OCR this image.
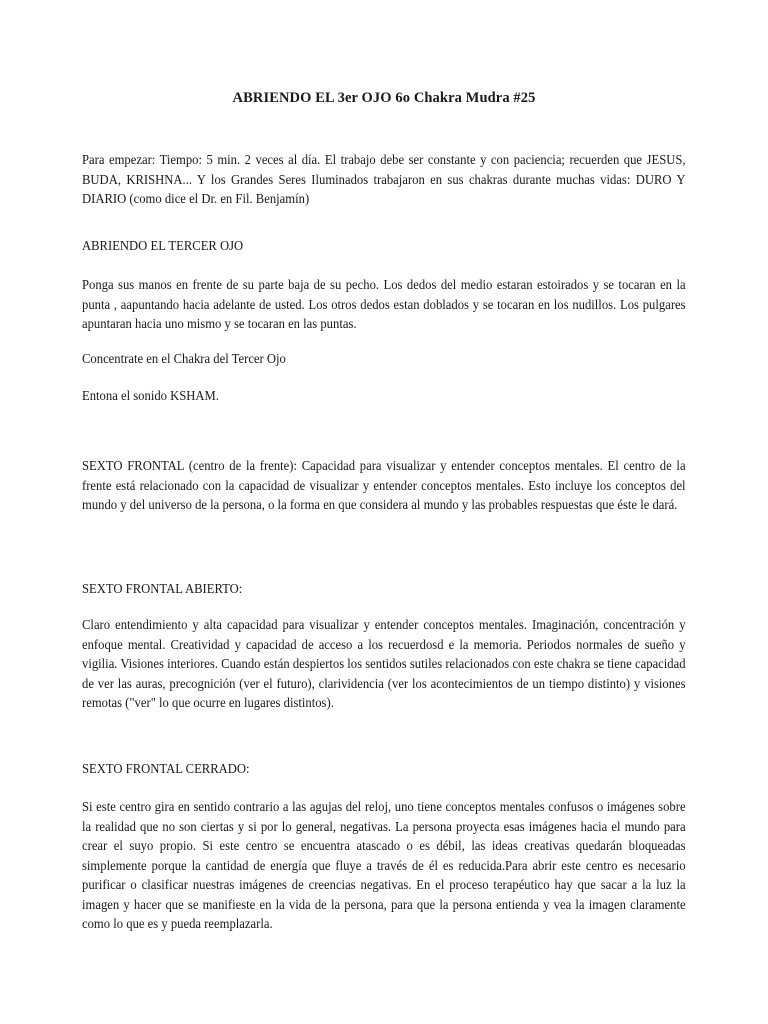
ABRIENDO EL 3er OJO 6o Chakra Mudra #25

Para empezar: Tiempo: 5 min. 2 veces al día. El trabajo debe ser constante y con paciencia; recuerden que JESUS, BUDA, KRISHNA... Y los Grandes Seres Iluminados trabajaron en sus chakras durante muchas vidas: DURO Y DIARIO (como dice el Dr. en Fil. Benjamín)

ABRIENDO EL TERCER OJO

Ponga sus manos en frente de su parte baja de su pecho. Los dedos del medio estaran estoirados y se tocaran en la punta , aapuntando hacia adelante de usted. Los otros dedos estan doblados y se tocaran en los nudillos. Los pulgares apuntaran hacia uno mismo y se tocaran en las puntas.

Concentrate en el Chakra del Tercer Ojo

Entona el sonido KSHAM.

SEXTO FRONTAL (centro de la frente): Capacidad para visualizar y entender conceptos mentales. El centro de la frente está relacionado con la capacidad de visualizar y entender conceptos mentales. Esto incluye los conceptos del mundo y del universo de la persona, o la forma en que considera al mundo y las probables respuestas que éste le dará.

SEXTO FRONTAL ABIERTO:

Claro entendimiento y alta capacidad para visualizar y entender conceptos mentales. Imaginación, concentración y enfoque mental. Creatividad y capacidad de acceso a los recuerdosd e la memoria. Periodos normales de sueño y vigilia. Visiones interiores. Cuando están despiertos los sentidos sutiles relacionados con este chakra se tiene capacidad de ver las auras, precognición (ver el futuro), clarividencia (ver los acontecimientos de un tiempo distinto) y visiones remotas ("ver" lo que ocurre en lugares distintos).

SEXTO FRONTAL CERRADO:

Si este centro gira en sentido contrario a las agujas del reloj, uno tiene conceptos mentales confusos o imágenes sobre la realidad que no son ciertas y si por lo general, negativas. La persona proyecta esas imágenes hacia el mundo para crear el suyo propio. Si este centro se encuentra atascado o es débil, las ideas creativas quedarán bloqueadas simplemente porque la cantidad de energía que fluye a través de él es reducida.Para abrir este centro es necesario purificar o clasificar nuestras imágenes de creencias negativas. En el proceso terapéutico hay que sacar a la luz la imagen y hacer que se manifieste en la vida de la persona, para que la persona entienda y vea la imagen claramente como lo que es y pueda reemplazarla.
